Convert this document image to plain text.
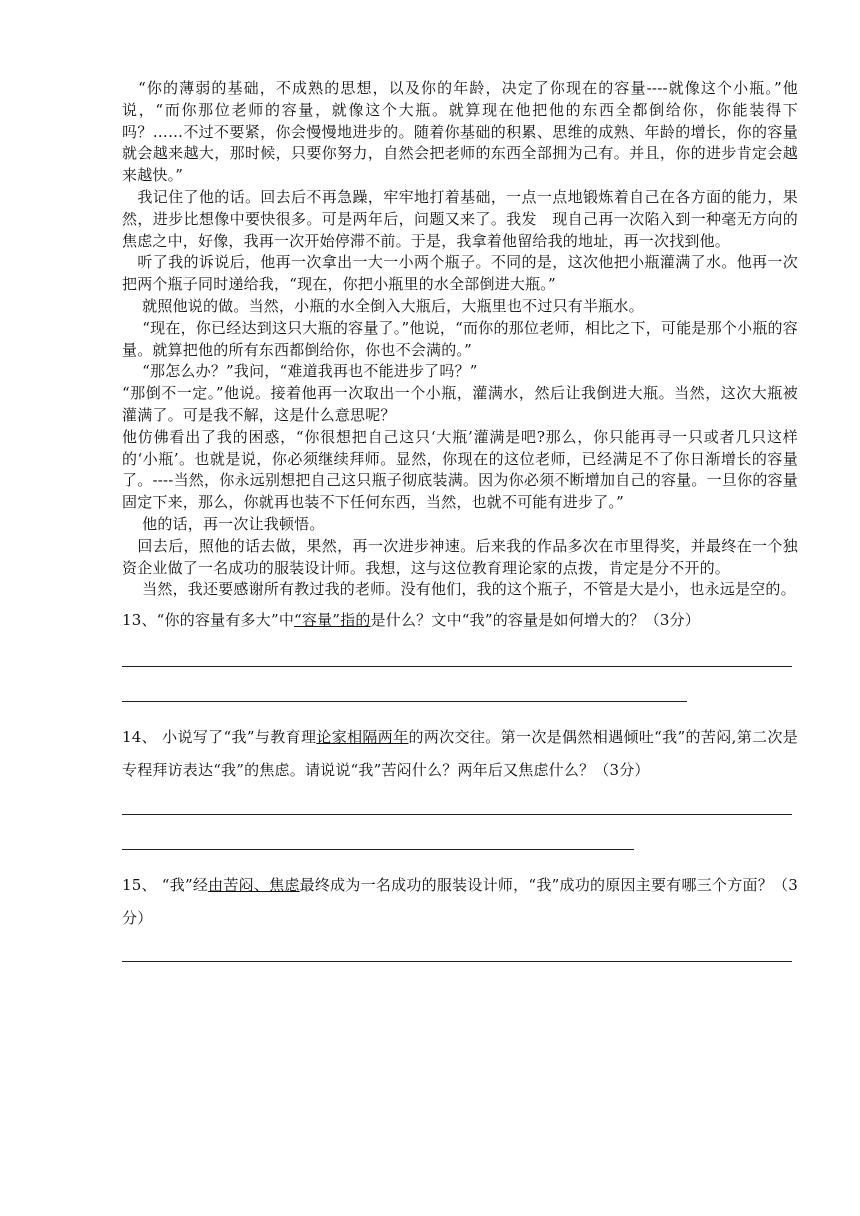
　“你的薄弱的基础，不成熟的思想，以及你的年龄，决定了你现在的容量----就像这个小瓶。”他说，“而你那位老师的容量，就像这个大瓶。就算现在他把他的东西全都倒给你，你能装得下吗？……不过不要紧，你会慢慢地进步的。随着你基础的积累、思维的成熟、年龄的增长，你的容量就会越来越大，那时候，只要你努力，自然会把老师的东西全部拥为己有。并且，你的进步肯定会越来越快。”

　我记住了他的话。回去后不再急躁，牢牢地打着基础，一点一点地锻炼着自己在各方面的能力，果然，进步比想像中要快很多。可是两年后，问题又来了。我发　现自己再一次陷入到一种毫无方向的焦虑之中，好像，我再一次开始停滞不前。于是，我拿着他留给我的地址，再一次找到他。

　听了我的诉说后，他再一次拿出一大一小两个瓶子。不同的是，这次他把小瓶灌满了水。他再一次把两个瓶子同时递给我，“现在，你把小瓶里的水全部倒进大瓶。”

　 就照他说的做。当然，小瓶的水全倒入大瓶后，大瓶里也不过只有半瓶水。

　 “现在，你已经达到这只大瓶的容量了。”他说，“而你的那位老师，相比之下，可能是那个小瓶的容量。就算把他的所有东西都倒给你，你也不会满的。”

　 “那怎么办？”我问，“难道我再也不能进步了吗？”

“那倒不一定。”他说。接着他再一次取出一个小瓶，灌满水，然后让我倒进大瓶。当然，这次大瓶被灌满了。可是我不解，这是什么意思呢？

他仿佛看出了我的困惑，“你很想把自己这只‘大瓶’灌满是吧?那么，你只能再寻一只或者几只这样的‘小瓶’。也就是说，你必须继续拜师。显然，你现在的这位老师，已经满足不了你日渐增长的容量了。----当然，你永远别想把自己这只瓶子彻底装满。因为你必须不断增加自己的容量。一旦你的容量固定下来，那么，你就再也装不下任何东西，当然，也就不可能有进步了。”

　 他的话，再一次让我顿悟。

　回去后，照他的话去做，果然，再一次进步神速。后来我的作品多次在市里得奖，并最终在一个独资企业做了一名成功的服装设计师。我想，这与这位教育理论家的点拨，肯定是分不开的。

　 当然，我还要感谢所有教过我的老师。没有他们，我的这个瓶子，不管是大是小，也永远是空的。

13、“你的容量有多大”中“容量”指的是什么？文中“我”的容量是如何增大的？（3分）

14、 小说写了“我”与教育理论家相隔两年的两次交往。第一次是偶然相遇倾吐“我”的苦闷,第二次是专程拜访表达“我”的焦虑。请说说“我”苦闷什么？两年后又焦虑什么？（3分）

15、 “我”经由苦闷、焦虑最终成为一名成功的服装设计师，“我”成功的原因主要有哪三个方面？（3分）
